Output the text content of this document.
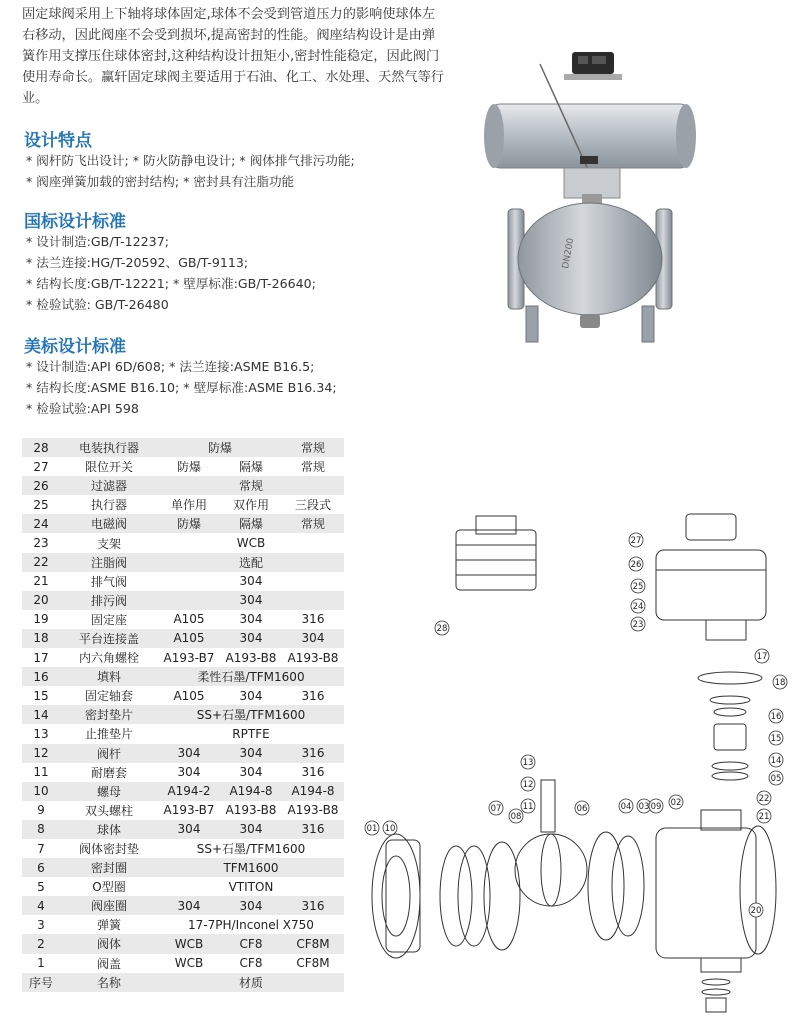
固定球阀采用上下轴将球体固定,球体不会受到管道压力的影响使球体左右移动，因此阀座不会受到损坏,提高密封的性能。阀座结构设计是由弹簧作用支撑压住球体密封,这种结构设计扭矩小,密封性能稳定，因此阀门使用寿命长。赢轩固定球阀主要适用于石油、化工、水处理、天然气等行业。
设计特点
* 阀杆防飞出设计; * 防火防静电设计; * 阀体排气排污功能;
* 阀座弹簧加载的密封结构; * 密封具有注脂功能
国标设计标准
* 设计制造:GB/T-12237;
* 法兰连接:HG/T-20592、GB/T-9113;
* 结构长度:GB/T-12221; * 壁厚标准:GB/T-26640;
* 检验试验: GB/T-26480
美标设计标准
* 设计制造:API 6D/608; * 法兰连接:ASME B16.5;
* 结构长度:ASME B16.10; * 壁厚标准:ASME B16.34;
* 检验试验:API 598
DN200
28	电装执行器	防爆		常规
27	限位开关	防爆	隔爆	常规
26	过滤器	常规		
25	执行器	单作用	双作用	三段式
24	电磁阀	防爆	隔爆	常规
23	支架	WCB		
22	注脂阀	选配		
21	排气阀	304		
20	排污阀	304		
19	固定座	A105	304	316
18	平台连接盖	A105	304	304
17	内六角螺栓	A193-B7	A193-B8	A193-B8
16	填料	柔性石墨/TFM1600		
15	固定轴套	A105	304	316
14	密封垫片	SS+石墨/TFM1600		
13	止推垫片	RPTFE		
12	阀杆	304	304	316
11	耐磨套	304	304	316
10	螺母	A194-2	A194-8	A194-8
9	双头螺柱	A193-B7	A193-B8	A193-B8
8	球体	304	304	316
7	阀体密封垫	SS+石墨/TFM1600		
6	密封圈	TFM1600		
5	O型圈	VTITON		
4	阀座圈	304	304	316
3	弹簧	17-7PH/Inconel X750		
2	阀体	WCB	CF8	CF8M
1	阀盖	WCB	CF8	CF8M
序号	名称	材质		
01
02
03
04
05
06
07
08
09
10
11
12
13	14
15
16
17
18
20
21
22
23
24
25
26
27
28
